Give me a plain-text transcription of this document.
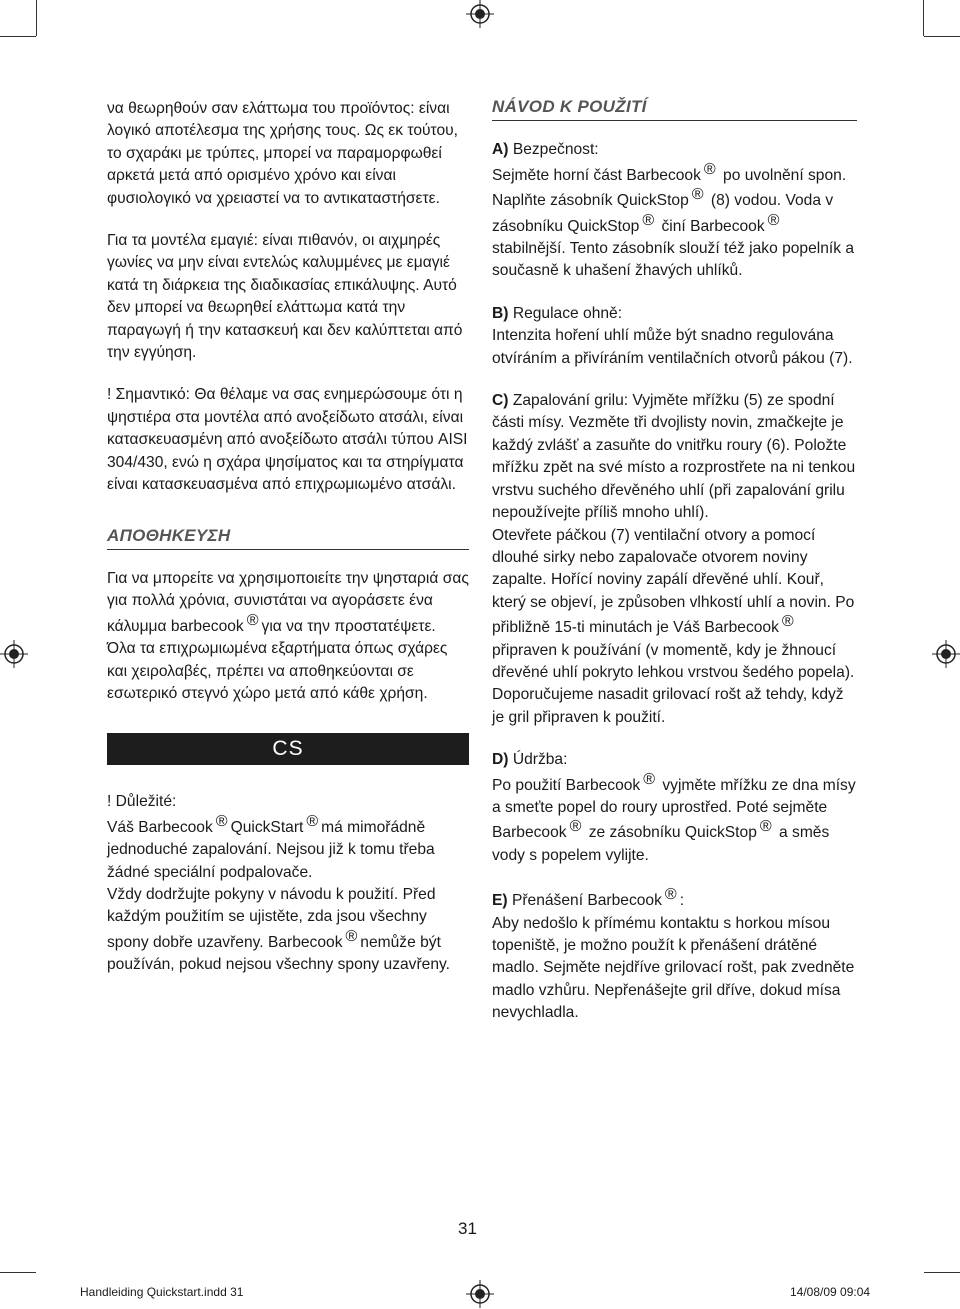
να θεωρηθούν σαν ελάττωμα του προϊόντος: είναι λογικό αποτέλεσμα της χρήσης τους. Ως εκ τούτου, το σχαράκι με τρύπες, μπορεί να παραμορφωθεί αρκετά μετά από ορισμένο χρόνο και είναι φυσιολογικό να χρειαστεί να το αντικαταστήσετε.

Για τα μοντέλα εμαγιέ: είναι πιθανόν, οι αιχμηρές γωνίες να μην είναι εντελώς καλυμμένες με εμαγιέ κατά τη διάρκεια της διαδικασίας επικάλυψης. Αυτό δεν μπορεί να θεωρηθεί ελάττωμα κατά την παραγωγή ή την κατασκευή και δεν καλύπτεται από την εγγύηση.

! Σημαντικό: Θα θέλαμε να σας ενημερώσουμε ότι η ψηστιέρα στα μοντέλα από ανοξείδωτο ατσάλι, είναι κατασκευασμένη από ανοξείδωτο ατσάλι τύπου AISI 304/430, ενώ η σχάρα ψησίματος και τα στηρίγματα είναι κατασκευασμένα από επιχρωμιωμένο ατσάλι.

ΑΠΟΘΗΚΕΥΣΗ

Για να μπορείτε να χρησιμοποιείτε την ψησταριά σας για πολλά χρόνια, συνιστάται να αγοράσετε ένα κάλυμμα barbecook ® για να την προστατέψετε.

Όλα τα επιχρωμιωμένα εξαρτήματα όπως σχάρες και χειρολαβές, πρέπει να αποθηκεύονται σε εσωτερικό στεγνό χώρο μετά από κάθε χρήση.

CS

! Důležité:

Váš Barbecook ® QuickStart ® má mimořádně jednoduché zapalování. Nejsou již k tomu třeba žádné speciální podpalovače.

Vždy dodržujte pokyny v návodu k použití. Před každým použitím se ujistěte, zda jsou všechny spony dobře uzavřeny. Barbecook ® nemůže být používán, pokud nejsou všechny spony uzavřeny.

NÁVOD K POUŽITÍ

A) Bezpečnost:

Sejměte horní část Barbecook ® po uvolnění spon. Naplňte zásobník QuickStop ® (8) vodou. Voda v zásobníku QuickStop ® činí Barbecook ® stabilnější. Tento zásobník slouží též jako popelník a současně k uhašení žhavých uhlíků.

B) Regulace ohně:

Intenzita hoření uhlí může být snadno regulována otvíráním a přivíráním ventilačních otvorů pákou (7).

C) Zapalování grilu: Vyjměte mřížku (5) ze spodní části mísy. Vezměte tři dvojlisty novin, zmačkejte je každý zvlášť a zasuňte do vnitřku roury (6). Položte mřížku zpět na své místo a rozprostřete na ni tenkou vrstvu suchého dřevěného uhlí (při zapalování grilu nepoužívejte příliš mnoho uhlí).

Otevřete páčkou (7) ventilační otvory a pomocí dlouhé sirky nebo zapalovače otvorem noviny zapalte. Hořící noviny zapálí dřevěné uhlí. Kouř, který se objeví, je způsoben vlhkostí uhlí a novin. Po přibližně 15-ti minutách je Váš Barbecook ® připraven k používání (v momentě, kdy je žhnoucí dřevěné uhlí pokryto lehkou vrstvou šedého popela).

Doporučujeme nasadit grilovací rošt až tehdy, když je gril připraven k použití.

D) Údržba:

Po použití Barbecook ® vyjměte mřížku ze dna mísy a smeťte popel do roury uprostřed. Poté sejměte Barbecook ® ze zásobníku QuickStop ® a směs vody s popelem vylijte.

E) Přenášení Barbecook ® :

Aby nedošlo k přímému kontaktu s horkou mísou topeniště, je možno použít k přenášení drátěné madlo. Sejměte nejdříve grilovací rošt, pak zvedněte madlo vzhůru. Nepřenášejte gril dříve, dokud mísa nevychladla.

31
Handleiding Quickstart.indd 31	14/08/09 09:04
